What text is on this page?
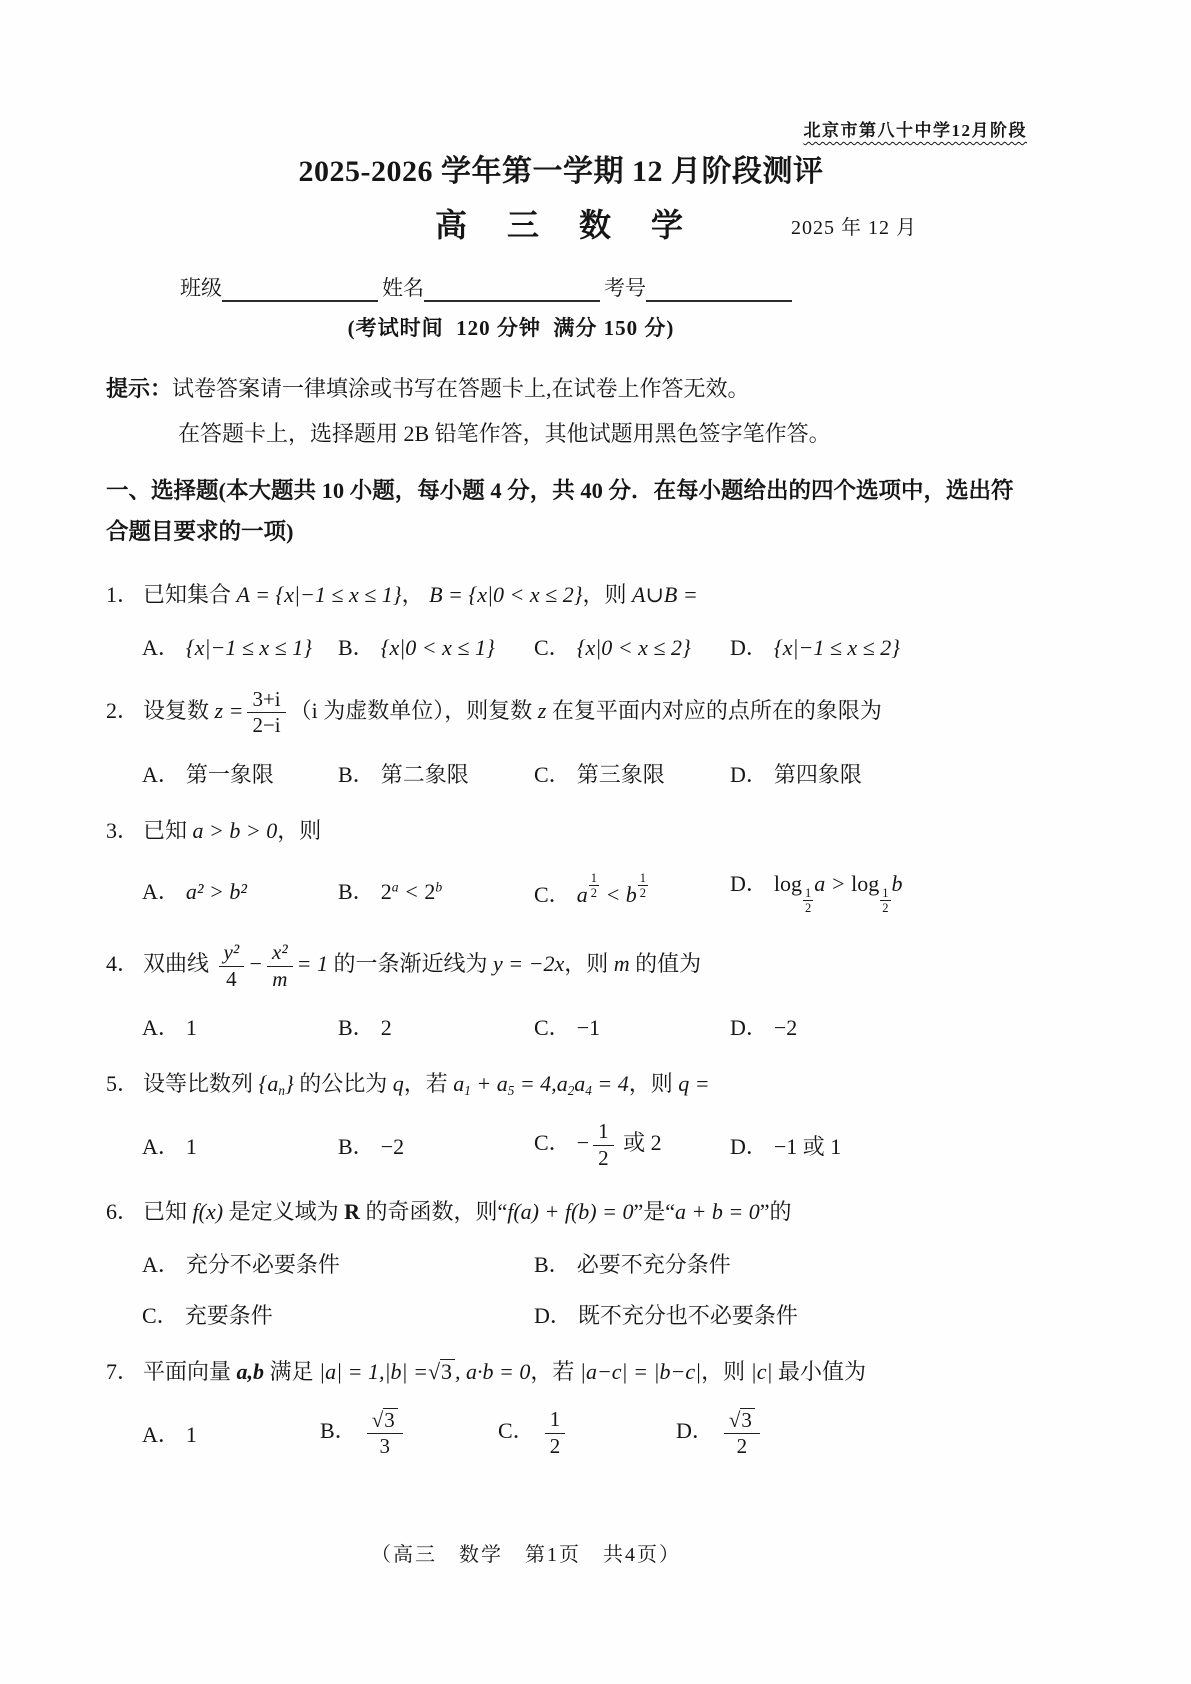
北京市第八十中学12月阶段
2025-2026 学年第一学期 12 月阶段测评
高　三　数　学	2025 年 12 月
班级	姓名	考号
(考试时间  120 分钟  满分 150 分)
提示：试卷答案请一律填涂或书写在答题卡上,在试卷上作答无效。
在答题卡上，选择题用 2B 铅笔作答，其他试题用黑色签字笔作答。
一、选择题(本大题共 10 小题，每小题 4 分，共 40 分．在每小题给出的四个选项中，选出符
合题目要求的一项)
1． 已知集合 A = {x|−1 ≤ x ≤ 1}， B = {x|0 < x ≤ 2}，则 A∪B =
A． {x|−1 ≤ x ≤ 1}	B． {x|0 < x ≤ 1}	C． {x|0 < x ≤ 2}	D． {x|−1 ≤ x ≤ 2}
2． 设复数 $z = \frac{3+i}{2-i} (i$ 为虚数单位），则复数 z 在复平面内对应的点所在的象限为
A． 第一象限	B． 第二象限	C． 第三象限	D． 第四象限
3． 已知 a > b > 0，则
A． a² > b²	B． $2^a < 2^b$	C． a $\frac{1}{2} < b \frac{1}{2}$	D． log
$\frac{1}{2}$
a > log
$\frac{1}{2}$
b
4． 双曲线 $\frac{\text{y²}}{4} - \frac{\text{x²}}{m} = 1$ 的一条渐近线为 y = −2x，则 m 的值为
A． 1	B． 2	C． −1	D． −2
5． 设等比数列 $\{a_n\}$ 的公比为 q，若 $a_1 + a_5 = 4,a_2a_4 = 4$，则 q =
A． 1	B． −2	C． − $\frac{1}{2}$ 或 2	D． −1 或 1
6． 已知 f(x) 是定义域为 R 的奇函数，则“f(a) + f(b) = 0”是“a + b = 0”的
A． 充分不必要条件	B． 必要不充分条件
C． 充要条件	D． 既不充分也不必要条件
7． 平面向量 a,b 满足 |a| = 1,|b| =√3 , a·b = 0，若 |a−c| = |b−c|，则 |c| 最小值为
A． 1	B． $\frac{√3}{3}$	C． $\frac{1}{2}$	D． $\frac{√3}{2}$
（高三　数学　第1页　共4页）
